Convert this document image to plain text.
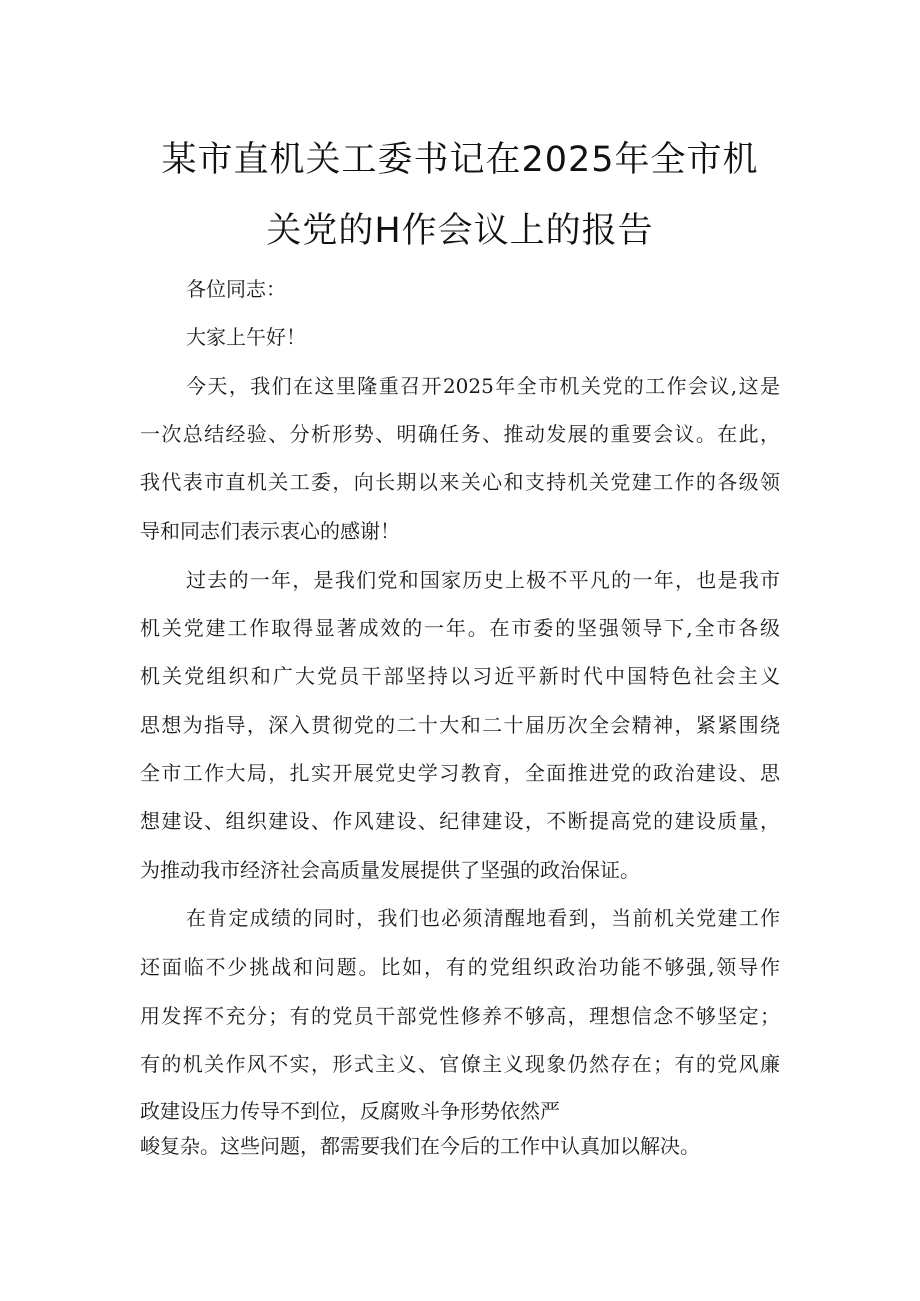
某市直机关工委书记在2025年全市机
关党的H作会议上的报告
各位同志：
大家上午好！
今天，我们在这里隆重召开2025年全市机关党的工作会议,这是
一次总结经验、分析形势、明确任务、推动发展的重要会议。在此，
我代表市直机关工委，向长期以来关心和支持机关党建工作的各级领
导和同志们表示衷心的感谢！
过去的一年，是我们党和国家历史上极不平凡的一年，也是我市
机关党建工作取得显著成效的一年。在市委的坚强领导下,全市各级
机关党组织和广大党员干部坚持以习近平新时代中国特色社会主义
思想为指导，深入贯彻党的二十大和二十届历次全会精神，紧紧围绕
全市工作大局，扎实开展党史学习教育，全面推进党的政治建设、思
想建设、组织建设、作风建设、纪律建设，不断提高党的建设质量，
为推动我市经济社会高质量发展提供了坚强的政治保证。
在肯定成绩的同时，我们也必须清醒地看到，当前机关党建工作
还面临不少挑战和问题。比如，有的党组织政治功能不够强,领导作
用发挥不充分；有的党员干部党性修养不够高，理想信念不够坚定；
有的机关作风不实，形式主义、官僚主义现象仍然存在；有的党风廉
政建设压力传导不到位，反腐败斗争形势依然严
峻复杂。这些问题，都需要我们在今后的工作中认真加以解决。
